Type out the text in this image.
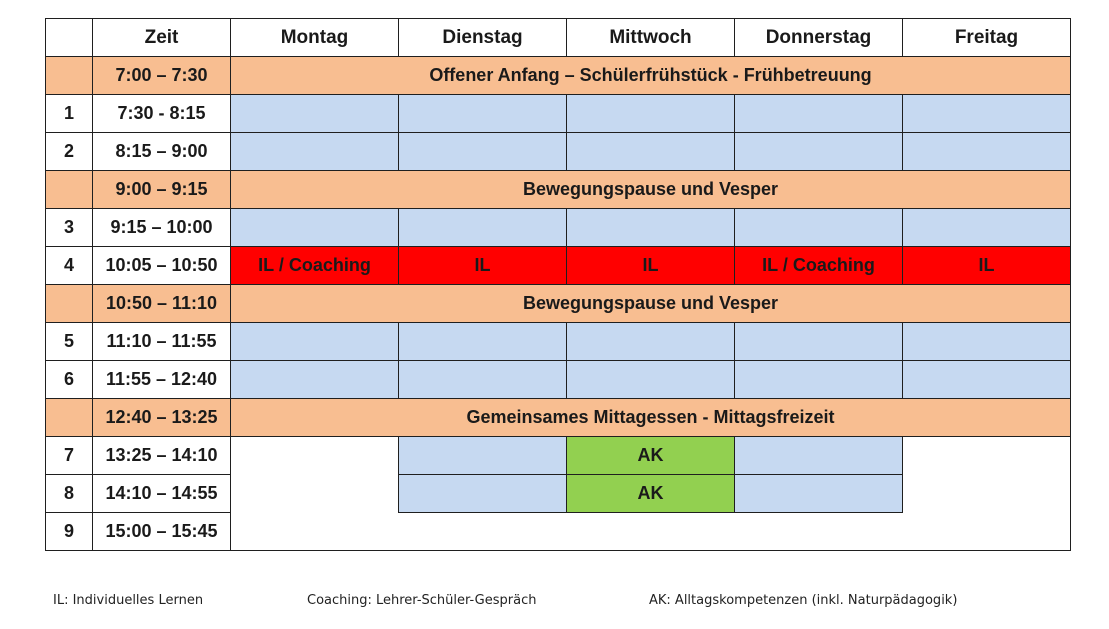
	Zeit	Montag	Dienstag	Mittwoch	Donnerstag	Freitag
	7:00 – 7:30	Offener Anfang – Schülerfrühstück - Frühbetreuung				
1	7:30 - 8:15					
2	8:15 – 9:00					
	9:00 – 9:15	Bewegungspause und Vesper				
3	9:15 – 10:00					
4	10:05 – 10:50	IL / Coaching	IL	IL	IL / Coaching	IL
	10:50 – 11:10	Bewegungspause und Vesper				
5	11:10 – 11:55					
6	11:55 – 12:40					
	12:40 – 13:25	Gemeinsames Mittagessen - Mittagsfreizeit				
7	13:25 – 14:10			AK		
8	14:10 – 14:55			AK		
9	15:00 – 15:45					
IL: Individuelles Lernen	Coaching: Lehrer-Schüler-Gespräch	AK: Alltagskompetenzen (inkl. Naturpädagogik)
